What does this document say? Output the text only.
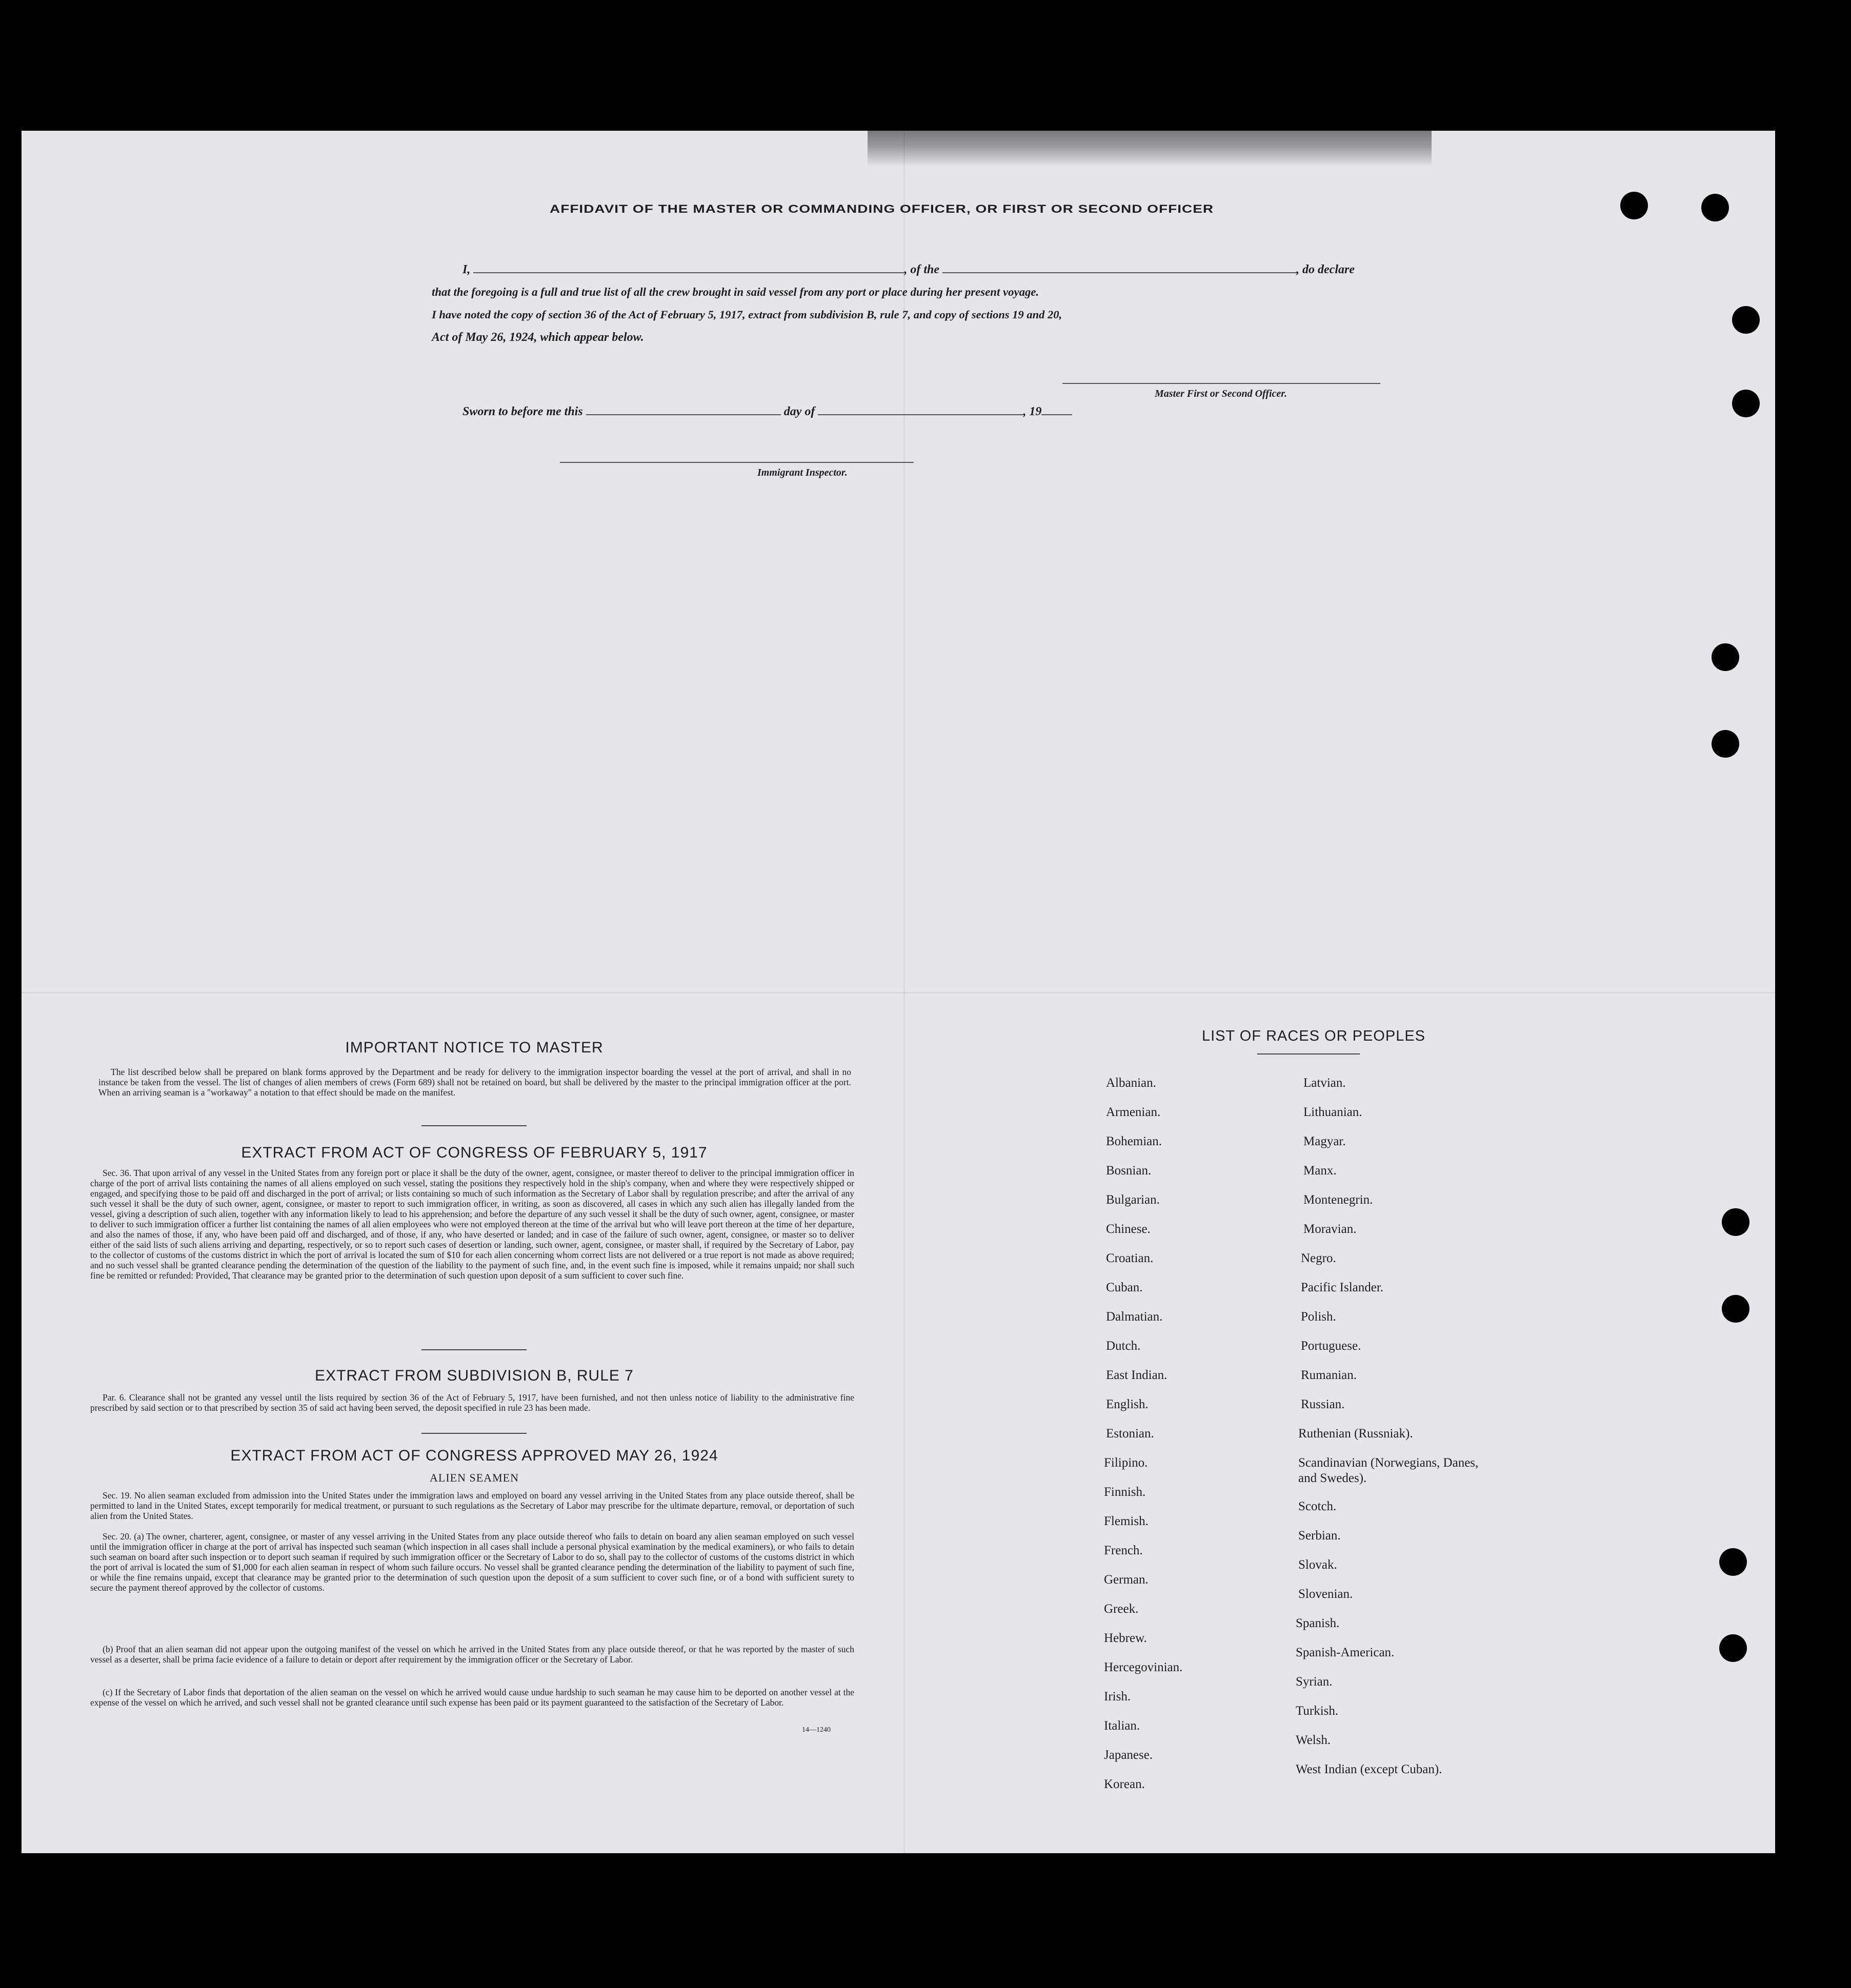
AFFIDAVIT OF THE MASTER OR COMMANDING OFFICER, OR FIRST OR SECOND OFFICER
I,	, of the	, do declare
that the foregoing is a full and true list of all the crew brought in said vessel from any port or place during her present voyage.
I have noted the copy of section 36 of the Act of February 5, 1917, extract from subdivision B, rule 7, and copy of sections 19 and 20,
Act of May 26, 1924, which appear below.
Master First or Second Officer.
Sworn to before me this	day of	, 19
Immigrant Inspector.
IMPORTANT NOTICE TO MASTER

The list described below shall be prepared on blank forms approved by the Department and be ready for delivery to the immigration inspector boarding the vessel at the port of arrival, and shall in no instance be taken from the vessel. The list of changes of alien members of crews (Form 689) shall not be retained on board, but shall be delivered by the master to the principal immigration officer at the port. When an arriving seaman is a "workaway" a notation to that effect should be made on the manifest.

EXTRACT FROM ACT OF CONGRESS OF FEBRUARY 5, 1917

Sec. 36. That upon arrival of any vessel in the United States from any foreign port or place it shall be the duty of the owner, agent, consignee, or master thereof to deliver to the principal immigration officer in charge of the port of arrival lists containing the names of all aliens employed on such vessel, stating the positions they respectively hold in the ship's company, when and where they were respectively shipped or engaged, and specifying those to be paid off and discharged in the port of arrival; or lists containing so much of such information as the Secretary of Labor shall by regulation prescribe; and after the arrival of any such vessel it shall be the duty of such owner, agent, consignee, or master to report to such immigration officer, in writing, as soon as discovered, all cases in which any such alien has illegally landed from the vessel, giving a description of such alien, together with any information likely to lead to his apprehension; and before the departure of any such vessel it shall be the duty of such owner, agent, consignee, or master to deliver to such immigration officer a further list containing the names of all alien employees who were not employed thereon at the time of the arrival but who will leave port thereon at the time of her departure, and also the names of those, if any, who have been paid off and discharged, and of those, if any, who have deserted or landed; and in case of the failure of such owner, agent, consignee, or master so to deliver either of the said lists of such aliens arriving and departing, respectively, or so to report such cases of desertion or landing, such owner, agent, consignee, or master shall, if required by the Secretary of Labor, pay to the collector of customs of the customs district in which the port of arrival is located the sum of $10 for each alien concerning whom correct lists are not delivered or a true report is not made as above required; and no such vessel shall be granted clearance pending the determination of the question of the liability to the payment of such fine, and, in the event such fine is imposed, while it remains unpaid; nor shall such fine be remitted or refunded: Provided, That clearance may be granted prior to the determination of such question upon deposit of a sum sufficient to cover such fine.

EXTRACT FROM SUBDIVISION B, RULE 7

Par. 6. Clearance shall not be granted any vessel until the lists required by section 36 of the Act of February 5, 1917, have been furnished, and not then unless notice of liability to the administrative fine prescribed by said section or to that prescribed by section 35 of said act having been served, the deposit specified in rule 23 has been made.

EXTRACT FROM ACT OF CONGRESS APPROVED MAY 26, 1924
ALIEN SEAMEN

Sec. 19. No alien seaman excluded from admission into the United States under the immigration laws and employed on board any vessel arriving in the United States from any place outside thereof, shall be permitted to land in the United States, except temporarily for medical treatment, or pursuant to such regulations as the Secretary of Labor may prescribe for the ultimate departure, removal, or deportation of such alien from the United States.

Sec. 20. (a) The owner, charterer, agent, consignee, or master of any vessel arriving in the United States from any place outside thereof who fails to detain on board any alien seaman employed on such vessel until the immigration officer in charge at the port of arrival has inspected such seaman (which inspection in all cases shall include a personal physical examination by the medical examiners), or who fails to detain such seaman on board after such inspection or to deport such seaman if required by such immigration officer or the Secretary of Labor to do so, shall pay to the collector of customs of the customs district in which the port of arrival is located the sum of $1,000 for each alien seaman in respect of whom such failure occurs. No vessel shall be granted clearance pending the determination of the liability to payment of such fine, or while the fine remains unpaid, except that clearance may be granted prior to the determination of such question upon the deposit of a sum sufficient to cover such fine, or of a bond with sufficient surety to secure the payment thereof approved by the collector of customs.

(b) Proof that an alien seaman did not appear upon the outgoing manifest of the vessel on which he arrived in the United States from any place outside thereof, or that he was reported by the master of such vessel as a deserter, shall be prima facie evidence of a failure to detain or deport after requirement by the immigration officer or the Secretary of Labor.

(c) If the Secretary of Labor finds that deportation of the alien seaman on the vessel on which he arrived would cause undue hardship to such seaman he may cause him to be deported on another vessel at the expense of the vessel on which he arrived, and such vessel shall not be granted clearance until such expense has been paid or its payment guaranteed to the satisfaction of the Secretary of Labor.

14—1240
LIST OF RACES OR PEOPLES
Albanian.
Armenian.
Bohemian.
Bosnian.
Bulgarian.
Chinese.
Croatian.
Cuban.
Dalmatian.
Dutch.
East Indian.
English.
Estonian.
Filipino.
Finnish.
Flemish.
French.
German.
Greek.
Hebrew.
Hercegovinian.
Irish.
Italian.
Japanese.
Korean.
Latvian.
Lithuanian.
Magyar.
Manx.
Montenegrin.
Moravian.
Negro.
Pacific Islander.
Polish.
Portuguese.
Rumanian.
Russian.
Ruthenian (Russniak).
Scandinavian (Norwegians, Danes, and Swedes).
Scotch.
Serbian.
Slovak.
Slovenian.
Spanish.
Spanish-American.
Syrian.
Turkish.
Welsh.
West Indian (except Cuban).
